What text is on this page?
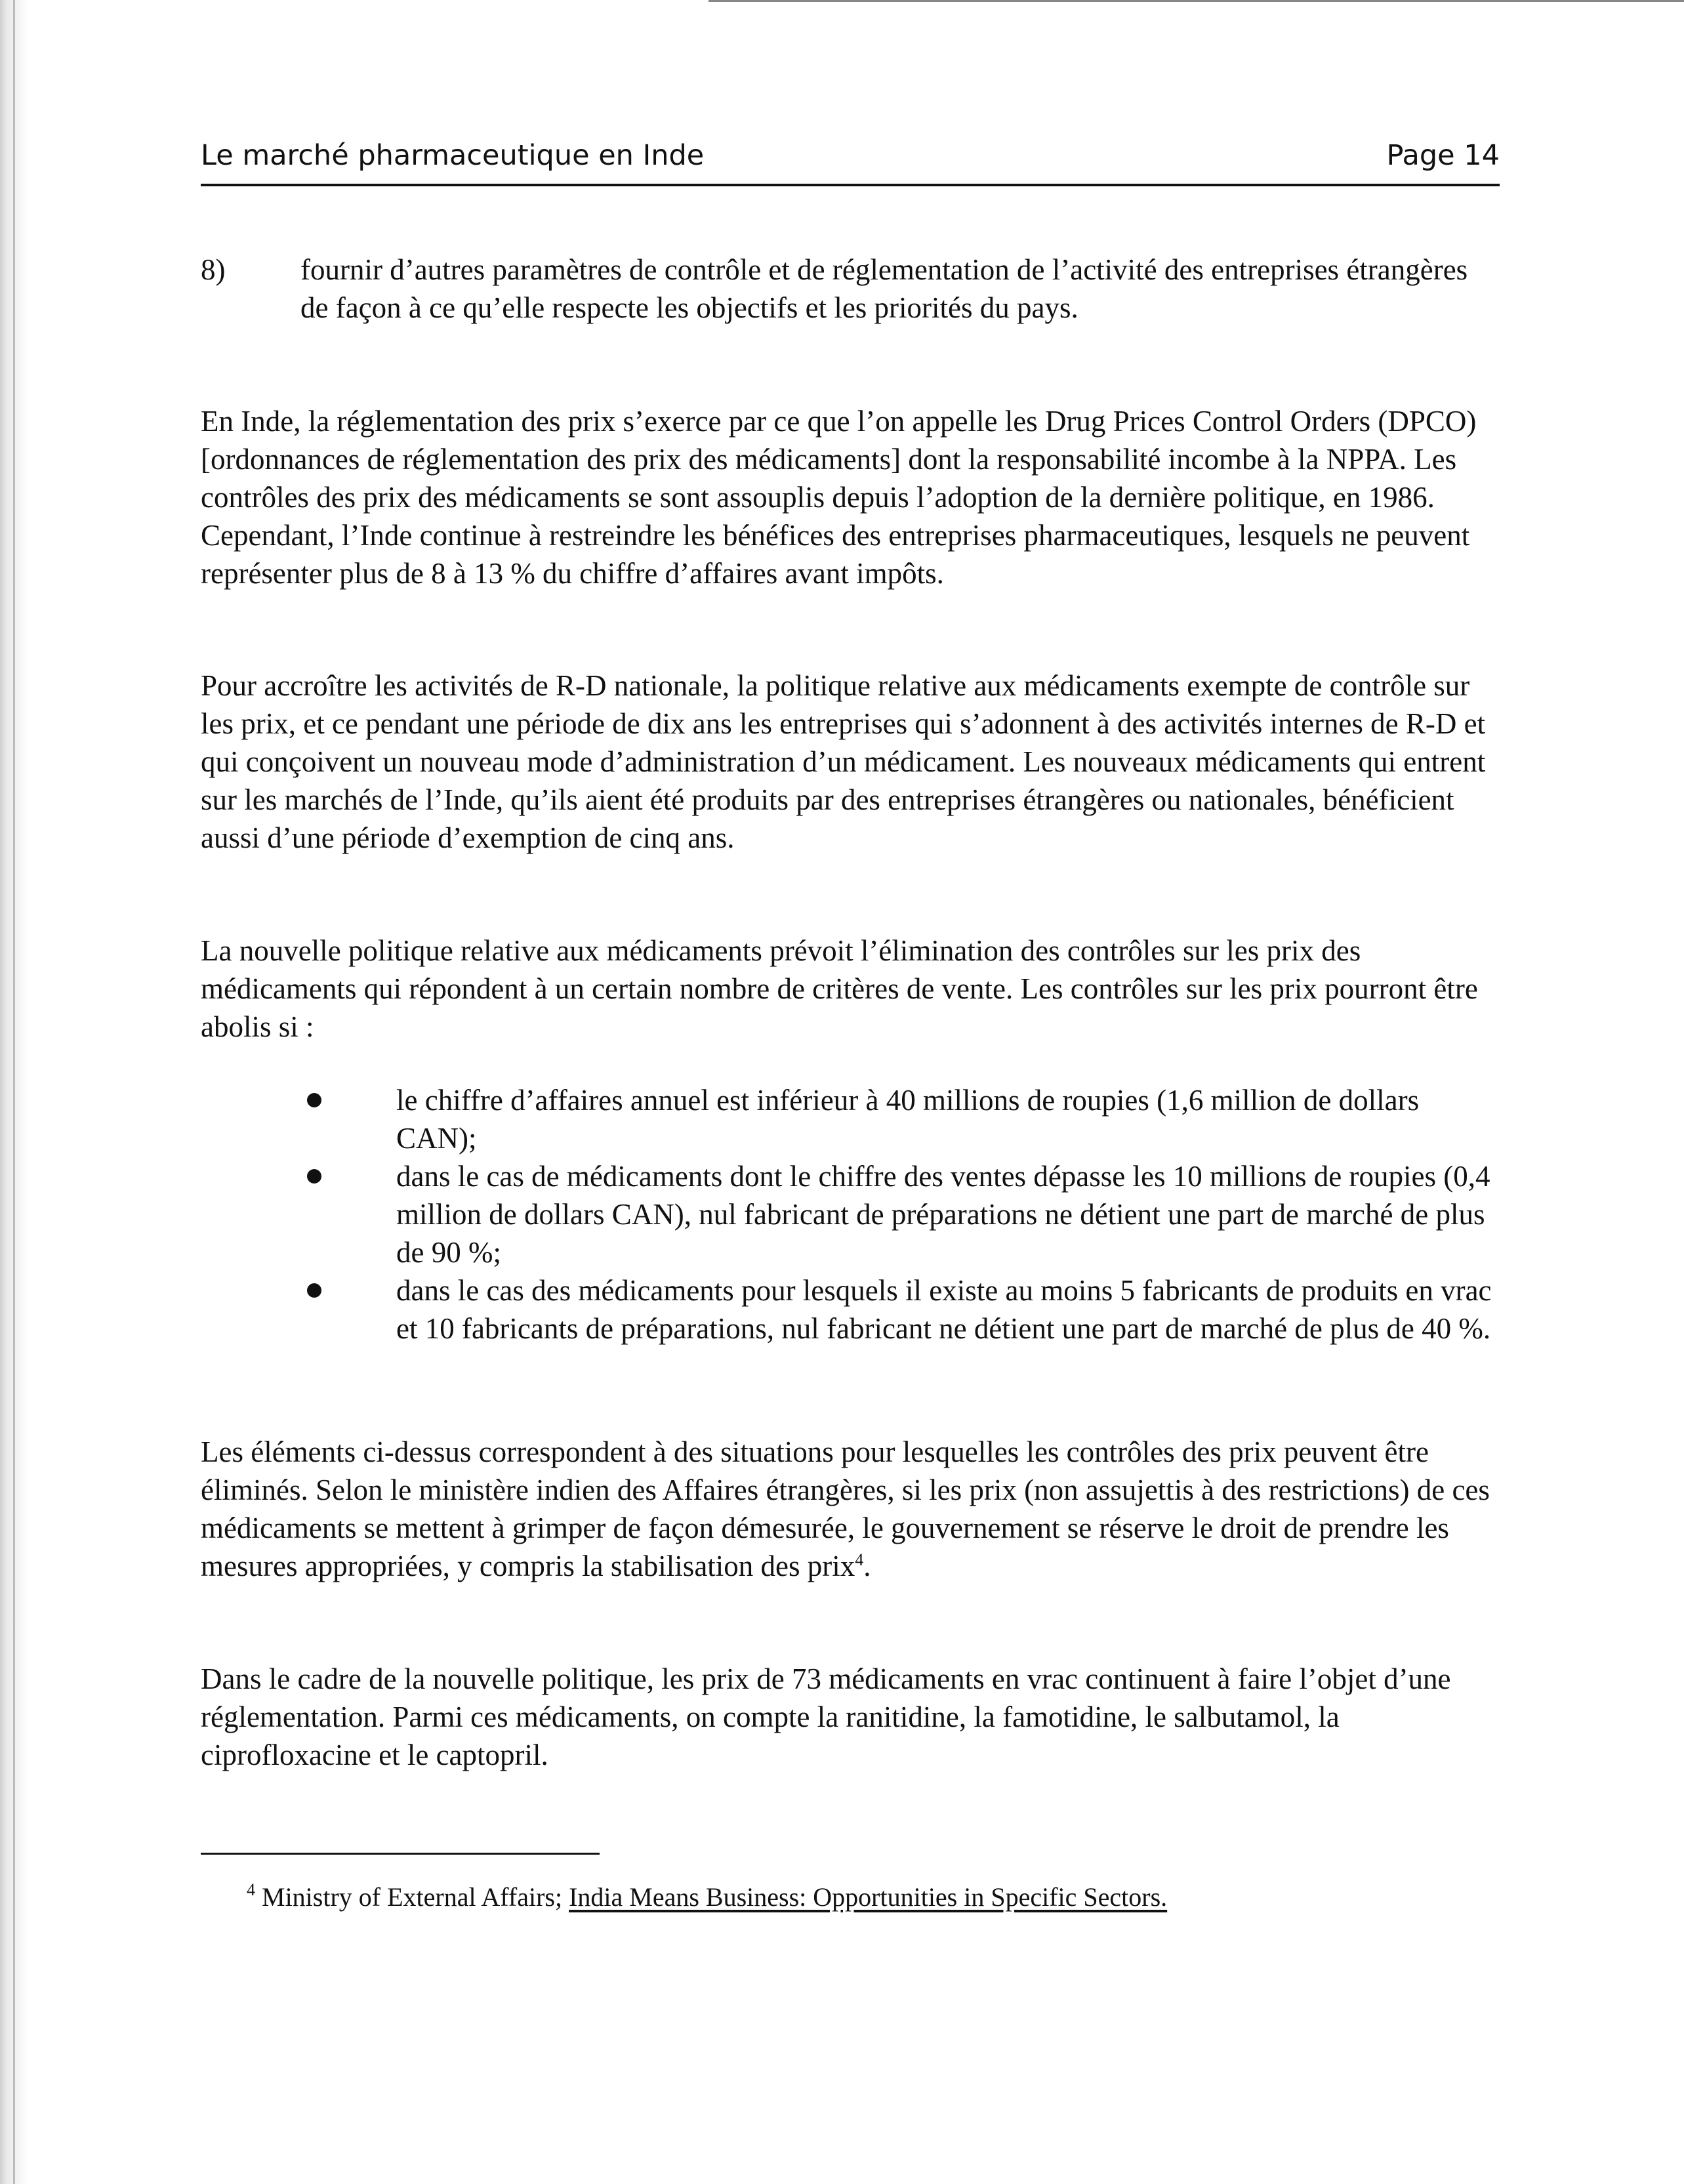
Le marché pharmaceutique en Inde	Page 14
8)	fournir d’autres paramètres de contrôle et de réglementation de l’activité des entreprises étrangères de façon à ce qu’elle respecte les objectifs et les priorités du pays.
En Inde, la réglementation des prix s’exerce par ce que l’on appelle les Drug Prices Control Orders (DPCO) [ordonnances de réglementation des prix des médicaments] dont la responsabilité incombe à la NPPA. Les contrôles des prix des médicaments se sont assouplis depuis l’adoption de la dernière politique, en 1986. Cependant, l’Inde continue à restreindre les bénéfices des entreprises pharmaceutiques, lesquels ne peuvent représenter plus de 8 à 13 % du chiffre d’affaires avant impôts.
Pour accroître les activités de R-D nationale, la politique relative aux médicaments exempte de contrôle sur les prix, et ce pendant une période de dix ans les entreprises qui s’adonnent à des activités internes de R-D et qui conçoivent un nouveau mode d’administration d’un médicament. Les nouveaux médicaments qui entrent sur les marchés de l’Inde, qu’ils aient été produits par des entreprises étrangères ou nationales, bénéficient aussi d’une période d’exemption de cinq ans.
La nouvelle politique relative aux médicaments prévoit l’élimination des contrôles sur les prix des médicaments qui répondent à un certain nombre de critères de vente. Les contrôles sur les prix pourront être abolis si :
le chiffre d’affaires annuel est inférieur à 40 millions de roupies (1,6 million de dollars CAN);
dans le cas de médicaments dont le chiffre des ventes dépasse les 10 millions de roupies (0,4 million de dollars CAN), nul fabricant de préparations ne détient une part de marché de plus de 90 %;
dans le cas des médicaments pour lesquels il existe au moins 5 fabricants de produits en vrac et 10 fabricants de préparations, nul fabricant ne détient une part de marché de plus de 40 %.
Les éléments ci-dessus correspondent à des situations pour lesquelles les contrôles des prix peuvent être éliminés. Selon le ministère indien des Affaires étrangères, si les prix (non assujettis à des restrictions) de ces médicaments se mettent à grimper de façon démesurée, le gouvernement se réserve le droit de prendre les mesures appropriées, y compris la stabilisation des prix$^4$.
Dans le cadre de la nouvelle politique, les prix de 73 médicaments en vrac continuent à faire l’objet d’une réglementation. Parmi ces médicaments, on compte la ranitidine, la famotidine, le salbutamol, la ciprofloxacine et le captopril.
$^4$ Ministry of External Affairs; India Means Business: Opportunities in Specific Sectors.
